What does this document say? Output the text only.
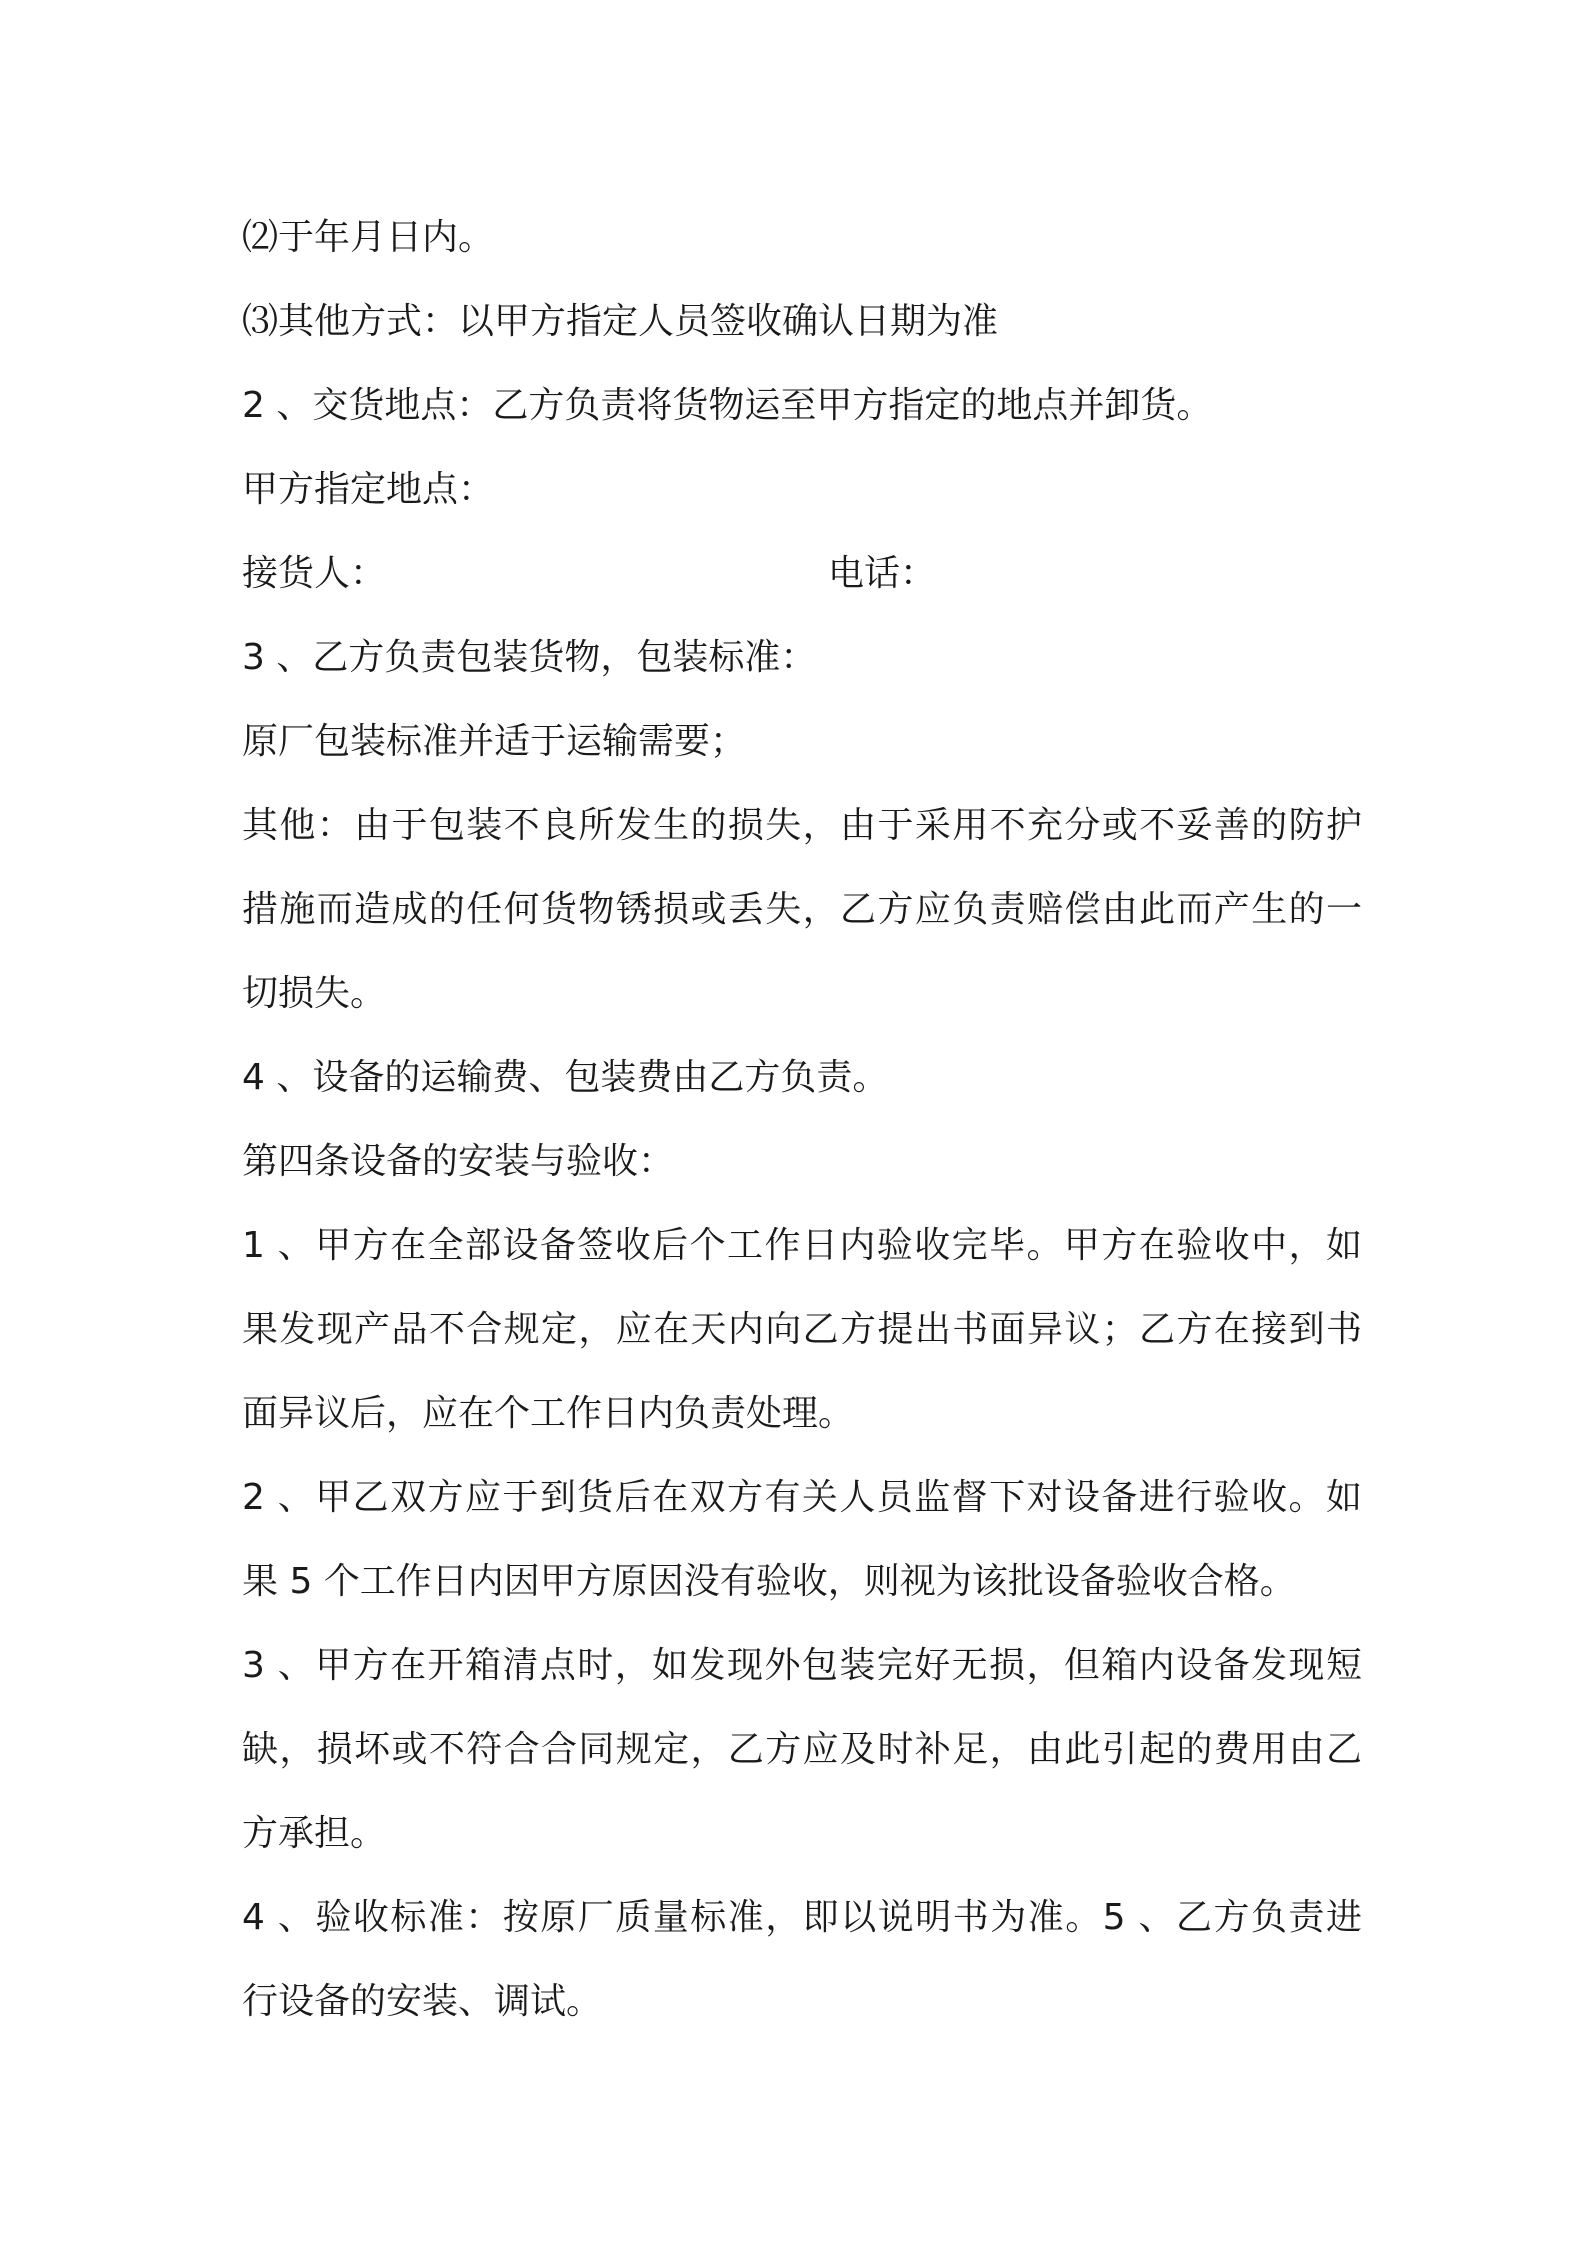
⑵于年月日内。
⑶其他方式：以甲方指定人员签收确认日期为准
2 、交货地点：乙方负责将货物运至甲方指定的地点并卸货。
甲方指定地点：
接货人：	电话：
3 、乙方负责包装货物，包装标准：
原厂包装标准并适于运输需要；
其他：由于包装不良所发生的损失，由于采用不充分或不妥善的防护
措施而造成的任何货物锈损或丢失，乙方应负责赔偿由此而产生的一
切损失。
4 、设备的运输费、包装费由乙方负责。
第四条设备的安装与验收：
1 、甲方在全部设备签收后个工作日内验收完毕。甲方在验收中，如
果发现产品不合规定，应在天内向乙方提出书面异议；乙方在接到书
面异议后，应在个工作日内负责处理。
2 、甲乙双方应于到货后在双方有关人员监督下对设备进行验收。如
果 5 个工作日内因甲方原因没有验收，则视为该批设备验收合格。
3 、甲方在开箱清点时，如发现外包装完好无损，但箱内设备发现短
缺，损坏或不符合合同规定，乙方应及时补足，由此引起的费用由乙
方承担。
4 、验收标准：按原厂质量标准，即以说明书为准。5 、乙方负责进
行设备的安装、调试。
